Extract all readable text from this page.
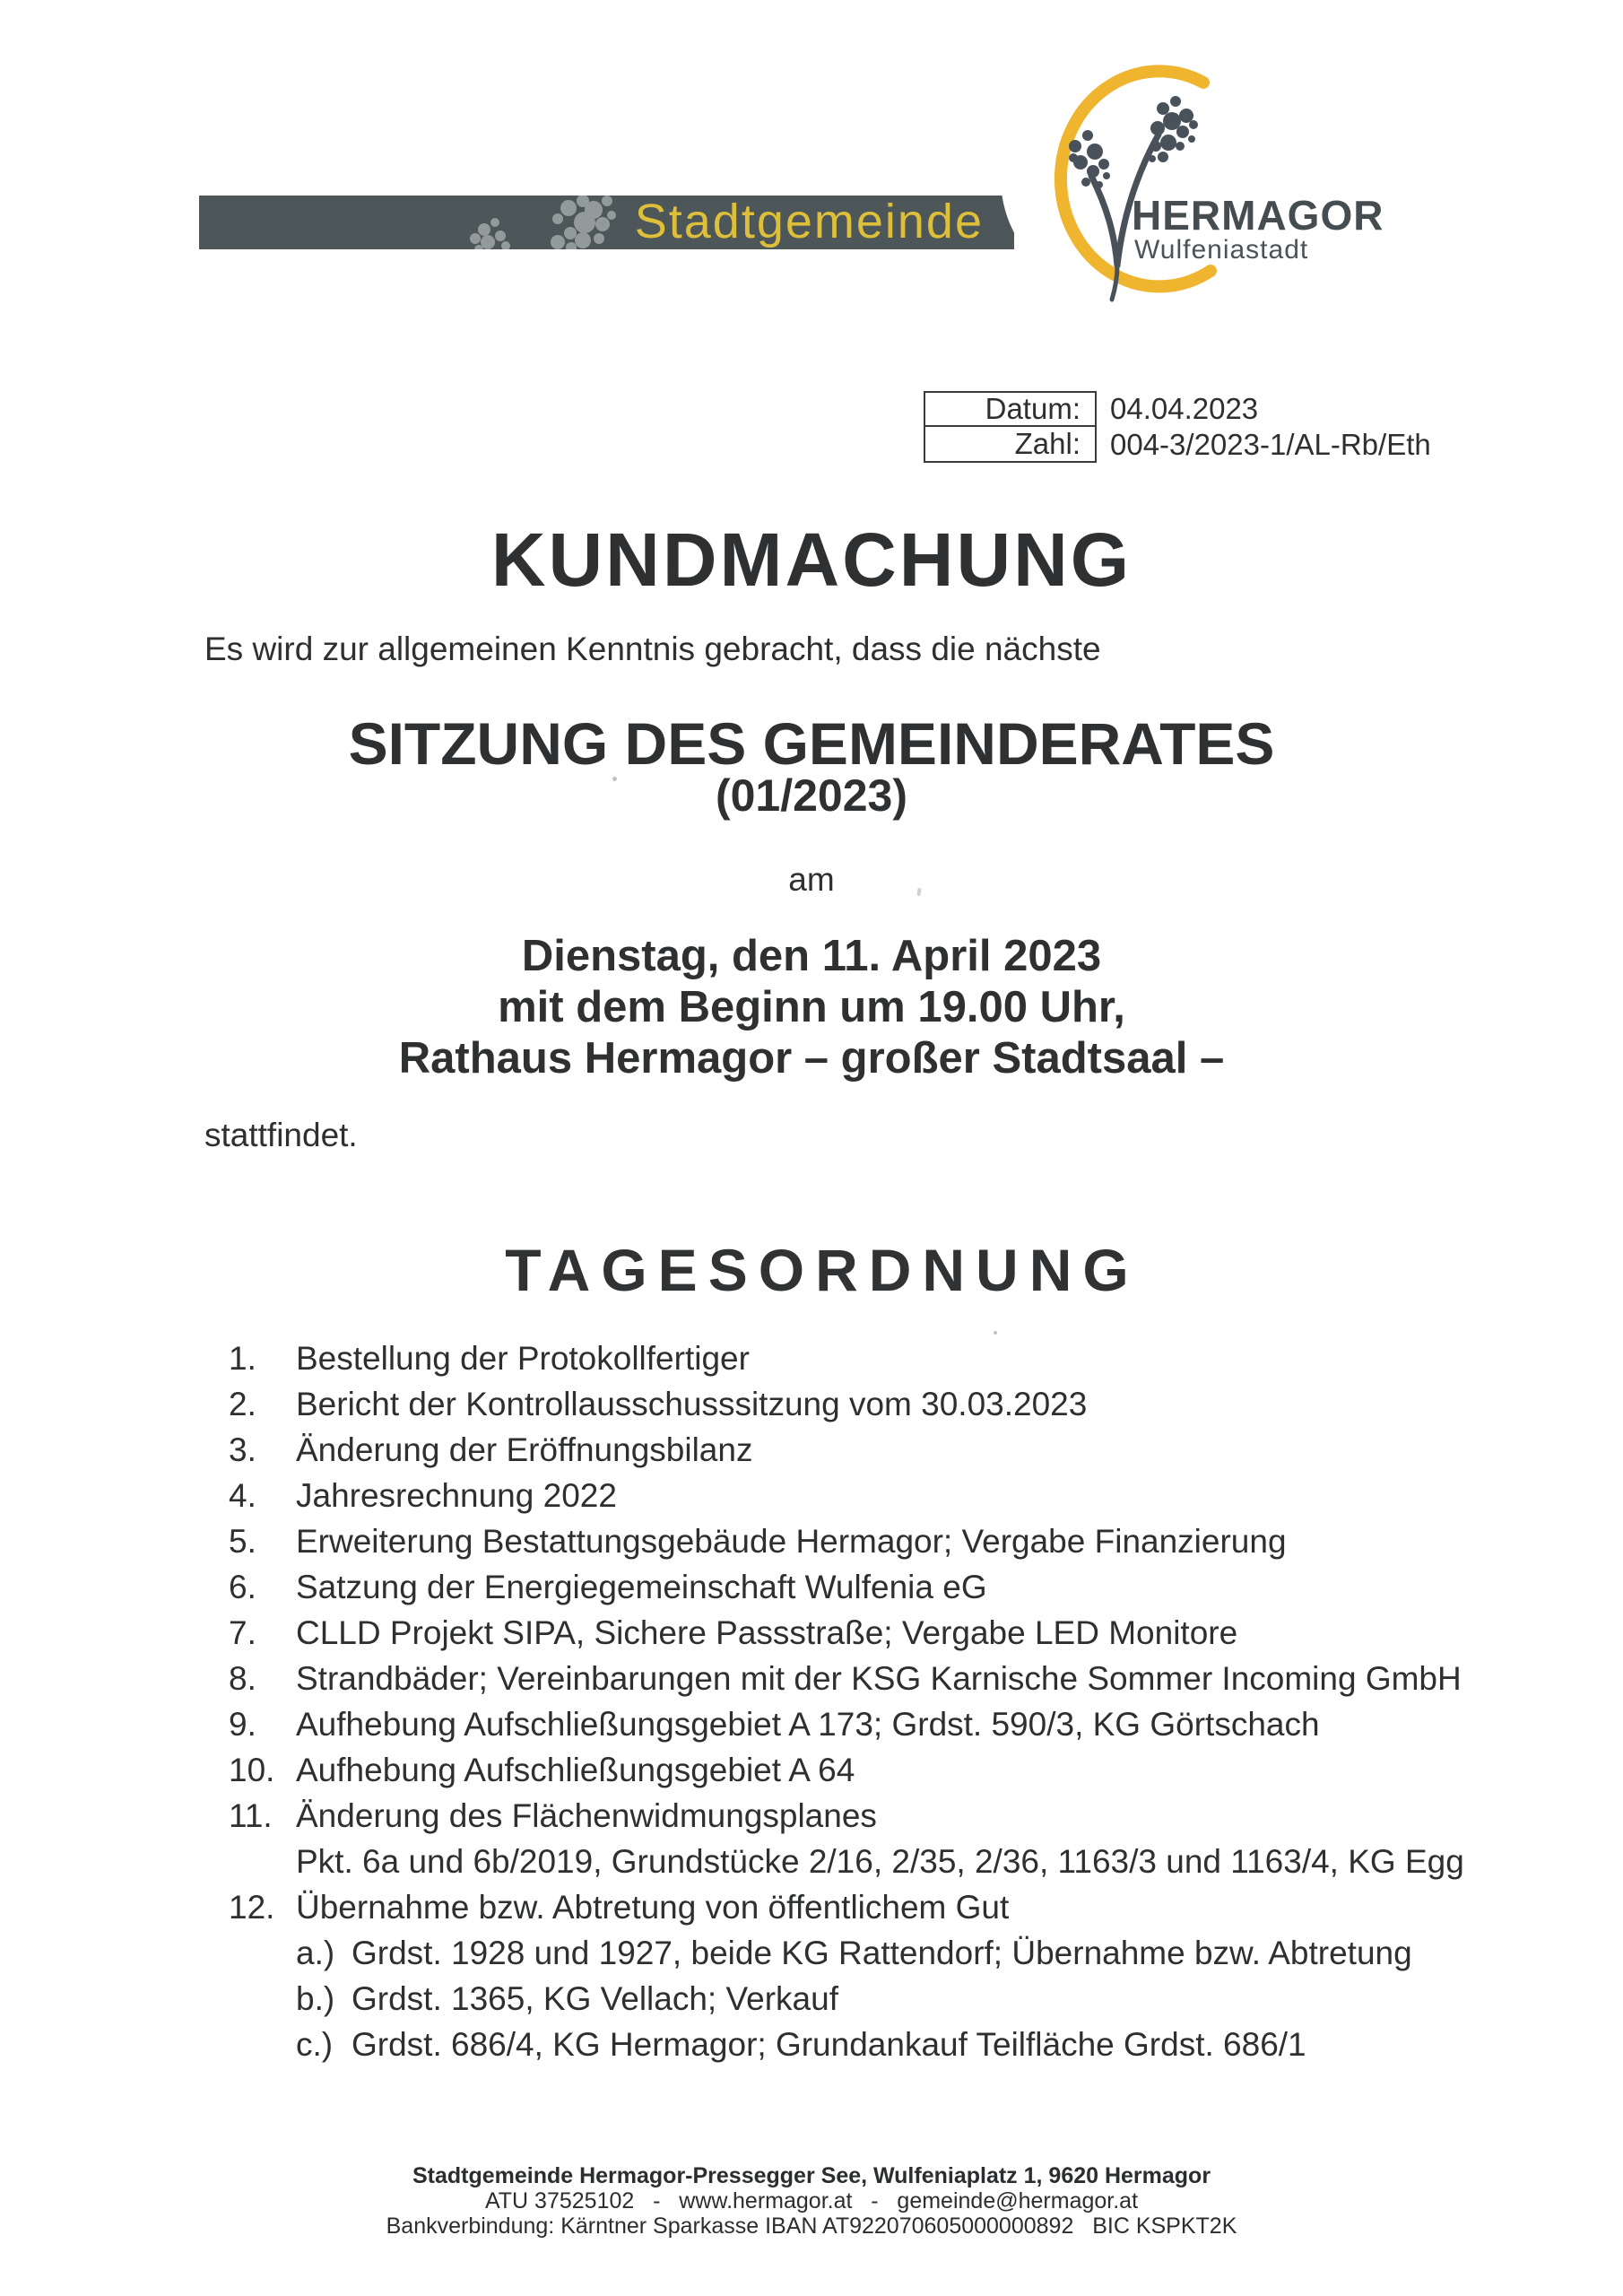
Stadtgemeinde	HERMAGOR
Wulfeniastadt
Datum:	04.04.2023
Zahl:	004-3/2023-1/AL-Rb/Eth
KUNDMACHUNG
Es wird zur allgemeinen Kenntnis gebracht, dass die nächste
SITZUNG DES GEMEINDERATES
(01/2023)
am
Dienstag, den 11. April 2023
mit dem Beginn um 19.00 Uhr,
Rathaus Hermagor – großer Stadtsaal –
stattfindet.
TAGESORDNUNG
1. Bestellung der Protokollfertiger
2. Bericht der Kontrollausschusssitzung vom 30.03.2023
3. Änderung der Eröffnungsbilanz
4. Jahresrechnung 2022
5. Erweiterung Bestattungsgebäude Hermagor; Vergabe Finanzierung
6. Satzung der Energiegemeinschaft Wulfenia eG
7. CLLD Projekt SIPA, Sichere Passstraße; Vergabe LED Monitore
8. Strandbäder; Vereinbarungen mit der KSG Karnische Sommer Incoming GmbH
9. Aufhebung Aufschließungsgebiet A 173; Grdst. 590/3, KG Görtschach
10. Aufhebung Aufschließungsgebiet A 64
11. Änderung des Flächenwidmungsplanes
Pkt. 6a und 6b/2019, Grundstücke 2/16, 2/35, 2/36, 1163/3 und 1163/4, KG Egg
12. Übernahme bzw. Abtretung von öffentlichem Gut
a.) Grdst. 1928 und 1927, beide KG Rattendorf; Übernahme bzw. Abtretung
b.) Grdst. 1365, KG Vellach; Verkauf
c.) Grdst. 686/4, KG Hermagor; Grundankauf Teilfläche Grdst. 686/1
Stadtgemeinde Hermagor-Pressegger See, Wulfeniaplatz 1, 9620 Hermagor
ATU 37525102   -   www.hermagor.at   -   gemeinde@hermagor.at
Bankverbindung: Kärntner Sparkasse IBAN AT922070605000000892   BIC KSPKT2K
